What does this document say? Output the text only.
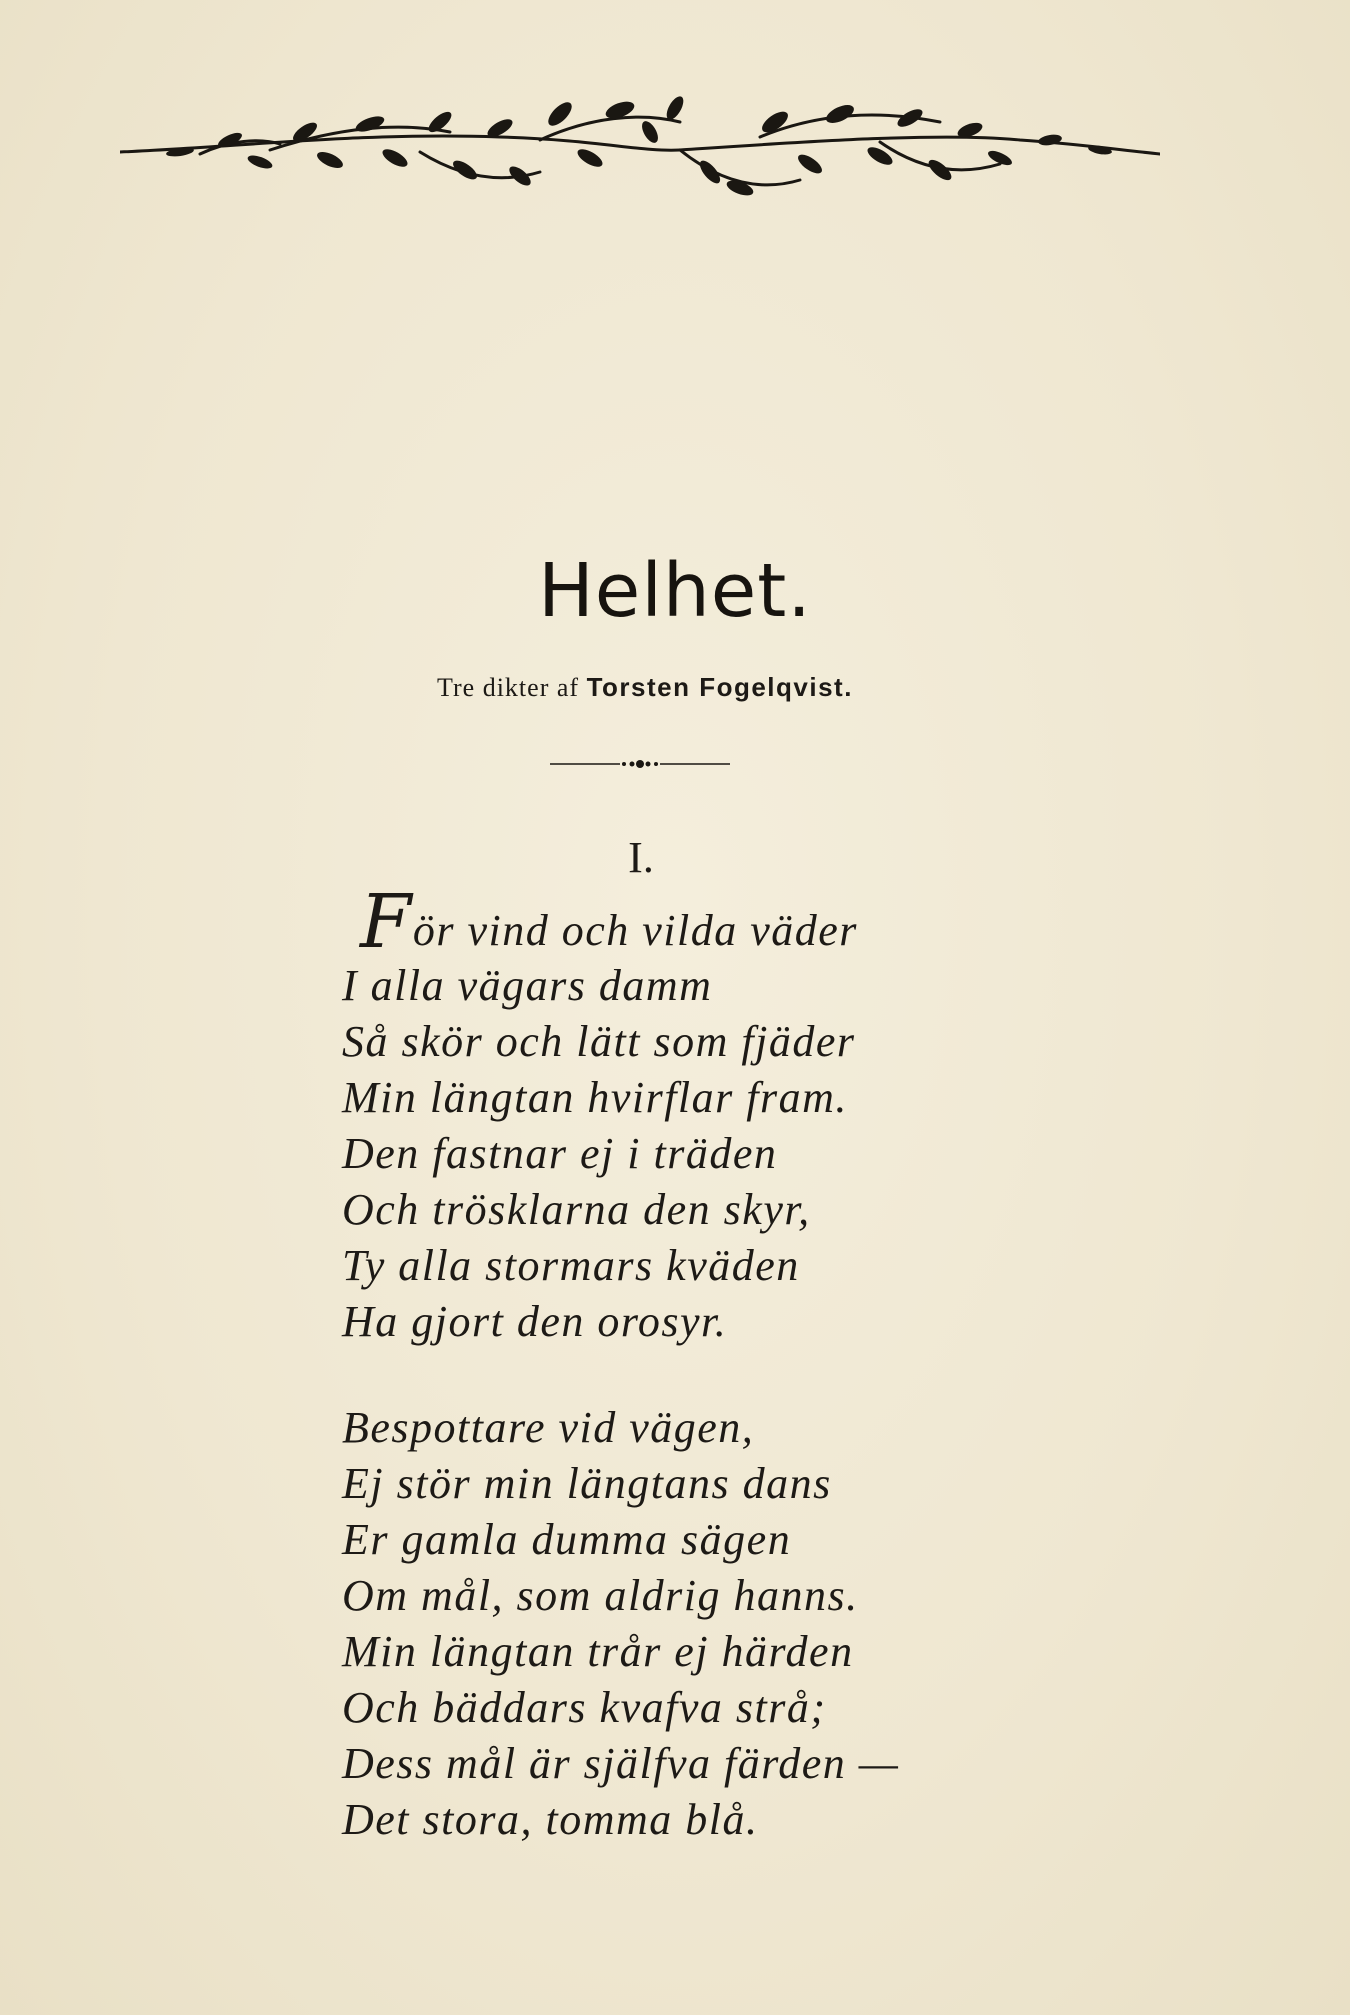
Helhet.
Tre dikter af Torsten Fogelqvist.
I.
För vind och vilda väder
I alla vägars damm
Så skör och lätt som fjäder
Min längtan hvirflar fram.
Den fastnar ej i träden
Och trösklarna den skyr,
Ty alla stormars kväden
Ha gjort den orosyr.
Bespottare vid vägen,
Ej stör min längtans dans
Er gamla dumma sägen
Om mål, som aldrig hanns.
Min längtan trår ej härden
Och bäddars kvafva strå;
Dess mål är själfva färden —
Det stora, tomma blå.
